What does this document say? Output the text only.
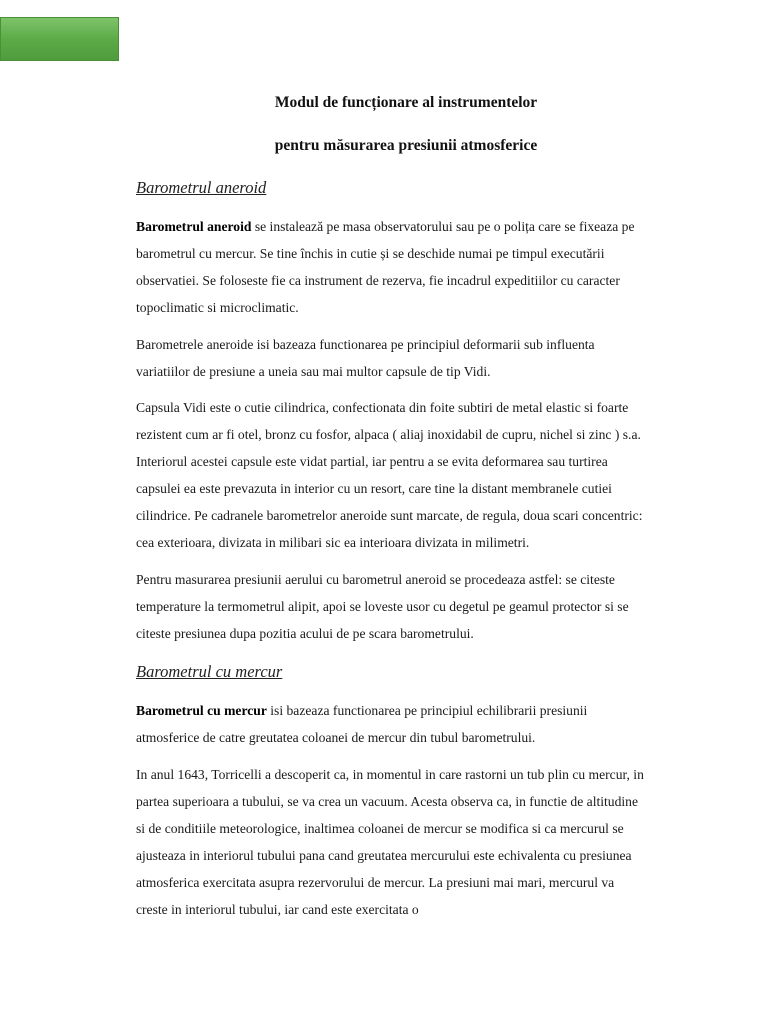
Modul de funcționare al instrumentelor
pentru măsurarea presiunii atmosferice
Barometrul aneroid

Barometrul aneroid se instalează pe masa observatorului sau pe o polița care se fixeaza pe barometrul cu mercur. Se tine închis in cutie și se deschide numai pe timpul executării observatiei. Se foloseste fie ca instrument de rezerva, fie incadrul expeditiilor cu caracter topoclimatic si microclimatic.

Barometrele aneroide isi bazeaza functionarea pe principiul deformarii sub influenta variatiilor de presiune a uneia sau mai multor capsule de tip Vidi.

Capsula Vidi este o cutie cilindrica, confectionata din foite subtiri de metal elastic si foarte rezistent cum ar fi otel, bronz cu fosfor, alpaca ( aliaj inoxidabil de cupru, nichel si zinc ) s.a. Interiorul acestei capsule este vidat partial, iar pentru a se evita deformarea sau turtirea capsulei ea este prevazuta in interior cu un resort, care tine la distant membranele cutiei cilindrice. Pe cadranele barometrelor aneroide sunt marcate, de regula, doua scari concentric: cea exterioara, divizata in milibari sic ea interioara divizata in milimetri.

Pentru masurarea presiunii aerului cu barometrul aneroid se procedeaza astfel: se citeste temperature la termometrul alipit, apoi se loveste usor cu degetul pe geamul protector si se citeste presiunea dupa pozitia acului de pe scara barometrului.

Barometrul cu mercur

Barometrul cu mercur isi bazeaza functionarea pe principiul echilibrarii presiunii atmosferice de catre greutatea coloanei de mercur din tubul barometrului.

In anul 1643, Torricelli a descoperit ca, in momentul in care rastorni un tub plin cu mercur, in partea superioara a tubului, se va crea un vacuum. Acesta observa ca, in functie de altitudine si de conditiile meteorologice, inaltimea coloanei de mercur se modifica si ca mercurul se ajusteaza in interiorul tubului pana cand greutatea mercurului este echivalenta cu presiunea atmosferica exercitata asupra rezervorului de mercur. La presiuni mai mari, mercurul va creste in interiorul tubului, iar cand este exercitata o
